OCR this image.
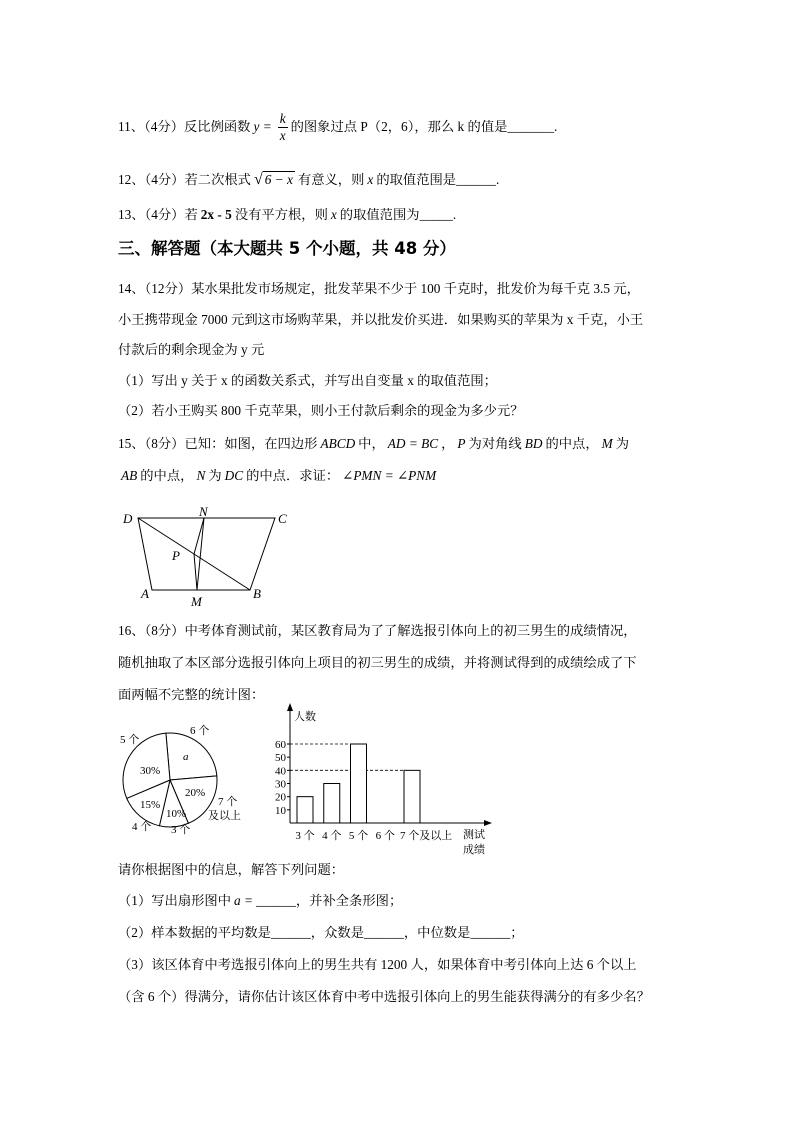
11、（4分）反比例函数 $y = \frac{k}{x}$ 的图象过点 P（2，6），那么 k 的值是_______.
12、（4分）若二次根式 √ 6 − x 有意义，则 x 的取值范围是______.
13、（4分）若 2x - 5 没有平方根，则 x 的取值范围为_____.
三、解答题（本大题共 5 个小题，共 48 分）
14、（12分）某水果批发市场规定，批发苹果不少于 100 千克时，批发价为每千克 3.5 元，
小王携带现金 7000 元到这市场购苹果，并以批发价买进．如果购买的苹果为 x 千克，小王
付款后的剩余现金为 y 元
（1）写出 y 关于 x 的函数关系式，并写出自变量 x 的取值范围；
（2）若小王购买 800 千克苹果，则小王付款后剩余的现金为多少元？
15、（8分）已知：如图，在四边形 ABCD 中， AD = BC ， P 为对角线 BD 的中点， M 为
AB 的中点， N 为 DC 的中点．求证： ∠PMN = ∠PNM
D	C
A	B
N
M
P
16、（8分）中考体育测试前，某区教育局为了了解选报引体向上的初三男生的成绩情况，
随机抽取了本区部分选报引体向上项目的初三男生的成绩，并将测试得到的成绩绘成了下
面两幅不完整的统计图：
6 个
5 个
4 个 3 个
7 个
及以上
a
30%
20%
15%
10%
人数
测试
成绩
10
20
30
40
50
60
3 个 4 个 5 个 6 个 7 个及以上
请你根据图中的信息，解答下列问题：
（1）写出扇形图中 a = ______，并补全条形图；
（2）样本数据的平均数是______，众数是______，中位数是______；
（3）该区体育中考选报引体向上的男生共有 1200 人，如果体育中考引体向上达 6 个以上
（含 6 个）得满分，请你估计该区体育中考中选报引体向上的男生能获得满分的有多少名？
